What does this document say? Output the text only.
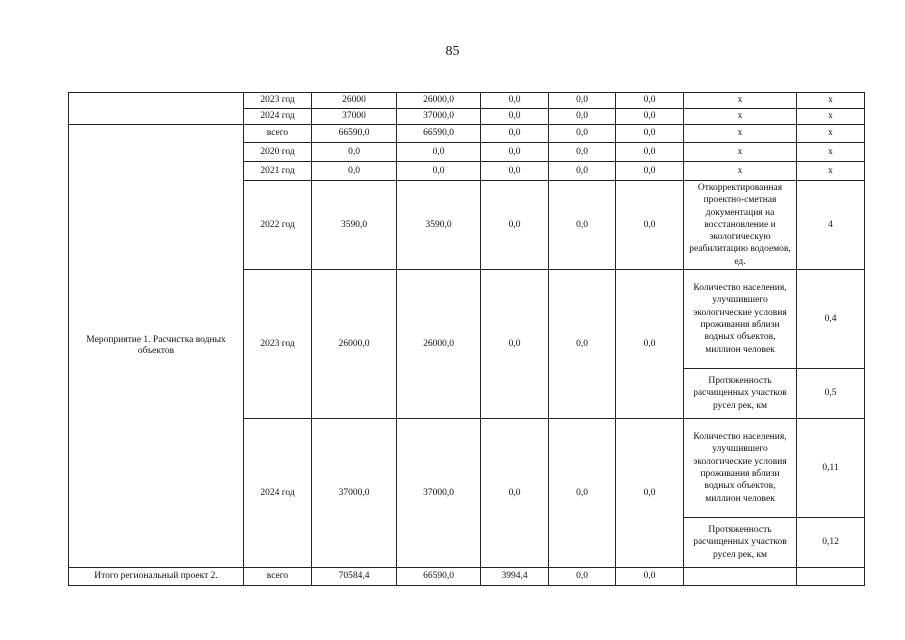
85
	2023 год	26000	26000,0	0,0	0,0	0,0	х	х
	2024 год	37000	37000,0	0,0	0,0	0,0	х	х
Мероприятие 1. Расчистка водных объектов	всего	66590,0	66590,0	0,0	0,0	0,0	х	х
	2020 год	0,0	0,0	0,0	0,0	0,0	х	х
	2021 год	0,0	0,0	0,0	0,0	0,0	х	х
	2022 год	3590,0	3590,0	0,0	0,0	0,0	Откорректированная проектно-сметная документация на восстановление и экологическую реабилитацию водоемов, ед.	4
	2023 год	26000,0	26000,0	0,0	0,0	0,0	Количество населения, улучшившего экологические условия проживания вблизи водных объектов, миллион человек	0,4
							Протяженность расчищенных участков русел рек, км	0,5
	2024 год	37000,0	37000,0	0,0	0,0	0,0	Количество населения, улучшившего экологические условия проживания вблизи водных объектов, миллион человек	0,11
							Протяженность расчищенных участков русел рек, км	0,12
Итого региональный проект 2.	всего	70584,4	66590,0	3994,4	0,0	0,0		
